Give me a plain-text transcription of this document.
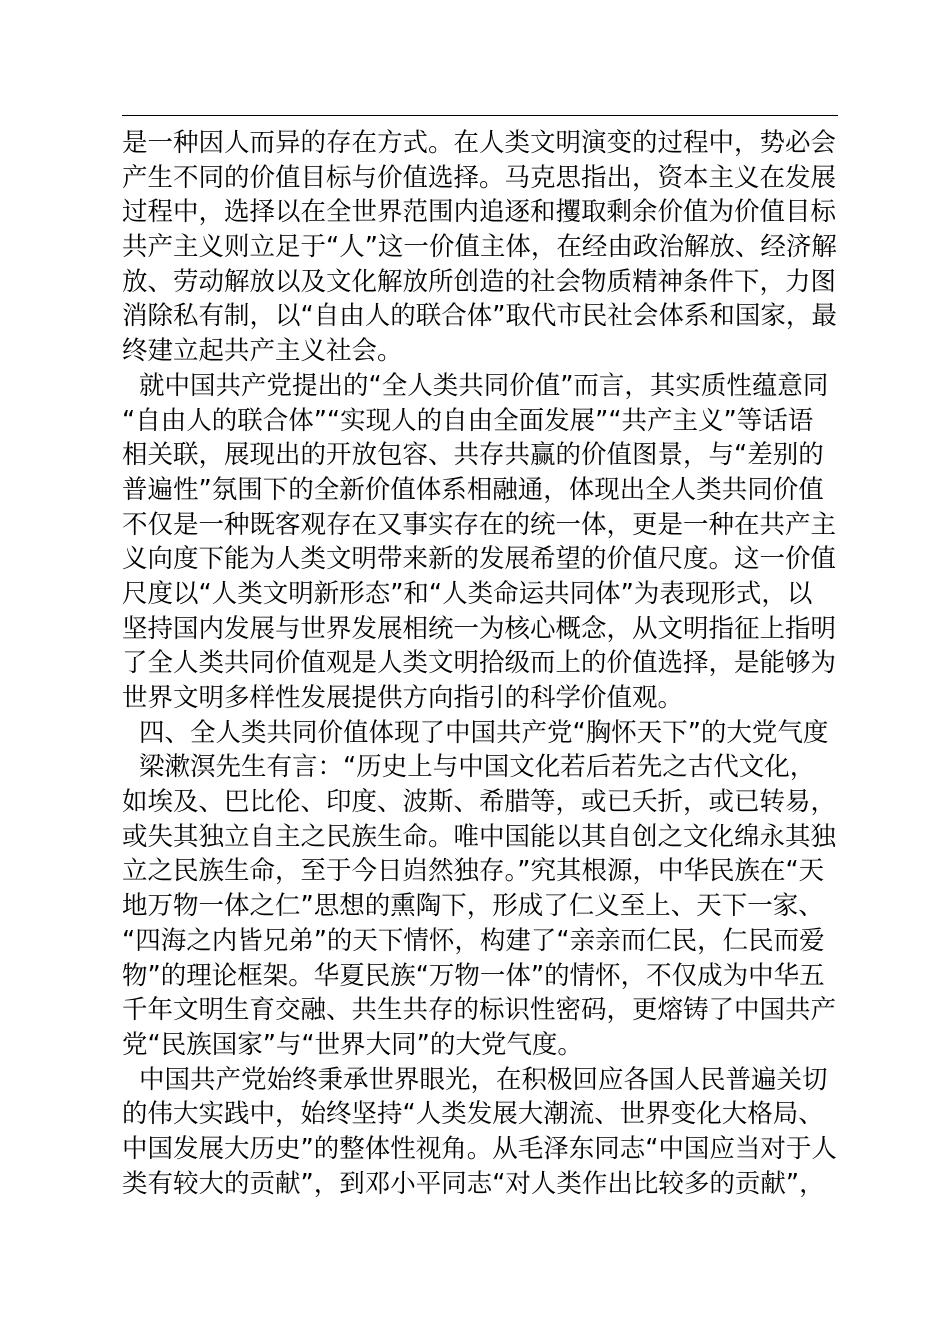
是一种因人而异的存在方式。在人类文明演变的过程中，势必会
产生不同的价值目标与价值选择。马克思指出，资本主义在发展
过程中，选择以在全世界范围内追逐和攫取剩余价值为价值目标
共产主义则立足于“人”这一价值主体，在经由政治解放、经济解
放、劳动解放以及文化解放所创造的社会物质精神条件下，力图
消除私有制，以“自由人的联合体”取代市民社会体系和国家，最
终建立起共产主义社会。
就中国共产党提出的“全人类共同价值”而言，其实质性蕴意同
“自由人的联合体”“实现人的自由全面发展”“共产主义”等话语
相关联，展现出的开放包容、共存共赢的价值图景，与“差别的
普遍性”氛围下的全新价值体系相融通，体现出全人类共同价值
不仅是一种既客观存在又事实存在的统一体，更是一种在共产主
义向度下能为人类文明带来新的发展希望的价值尺度。这一价值
尺度以“人类文明新形态”和“人类命运共同体”为表现形式，以
坚持国内发展与世界发展相统一为核心概念，从文明指征上指明
了全人类共同价值观是人类文明拾级而上的价值选择，是能够为
世界文明多样性发展提供方向指引的科学价值观。
四、全人类共同价值体现了中国共产党“胸怀天下”的大党气度
梁漱溟先生有言：“历史上与中国文化若后若先之古代文化，
如埃及、巴比伦、印度、波斯、希腊等，或已夭折，或已转易，
或失其独立自主之民族生命。唯中国能以其自创之文化绵永其独
立之民族生命，至于今日岿然独存。”究其根源，中华民族在“天
地万物一体之仁”思想的熏陶下，形成了仁义至上、天下一家、
“四海之内皆兄弟”的天下情怀，构建了“亲亲而仁民，仁民而爱
物”的理论框架。华夏民族“万物一体”的情怀，不仅成为中华五
千年文明生育交融、共生共存的标识性密码，更熔铸了中国共产
党“民族国家”与“世界大同”的大党气度。
中国共产党始终秉承世界眼光，在积极回应各国人民普遍关切
的伟大实践中，始终坚持“人类发展大潮流、世界变化大格局、
中国发展大历史”的整体性视角。从毛泽东同志“中国应当对于人
类有较大的贡献”，到邓小平同志“对人类作出比较多的贡献”，
